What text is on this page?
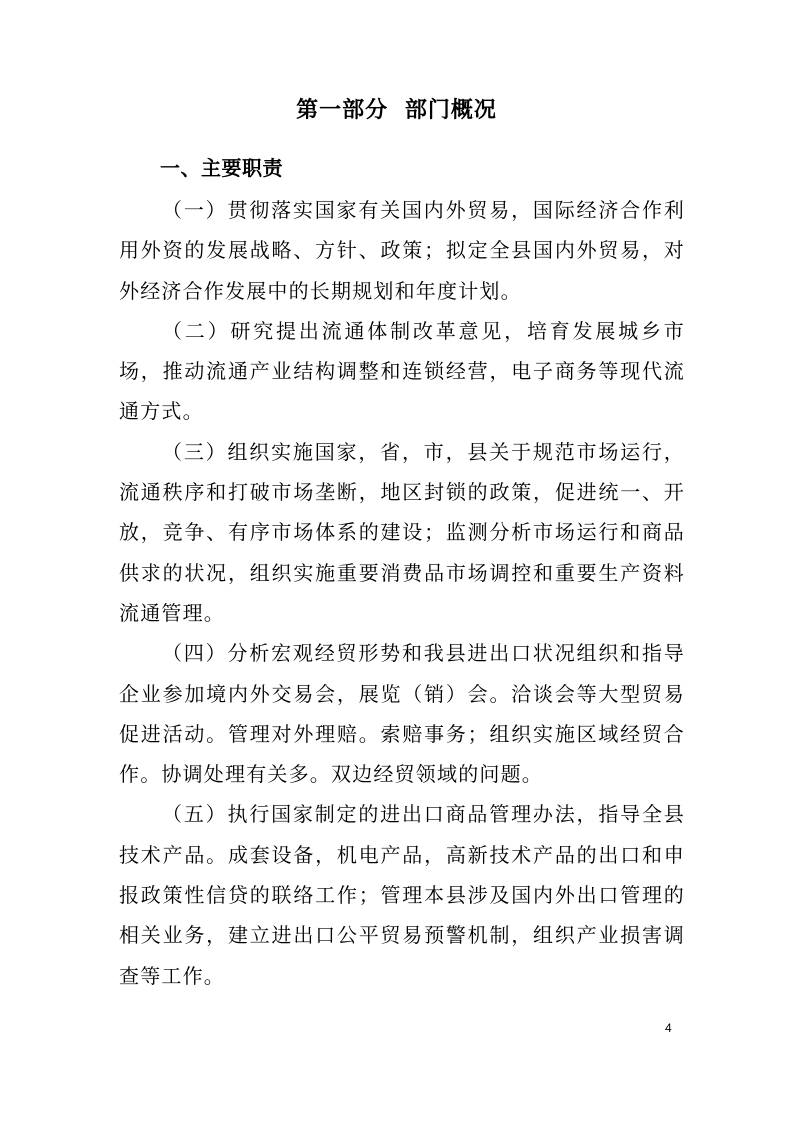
第一部分 部门概况
一、主要职责

（一）贯彻落实国家有关国内外贸易，国际经济合作利用外资的发展战略、方针、政策；拟定全县国内外贸易，对外经济合作发展中的长期规划和年度计划。

（二）研究提出流通体制改革意见，培育发展城乡市场，推动流通产业结构调整和连锁经营，电子商务等现代流通方式。

（三）组织实施国家，省，市，县关于规范市场运行，流通秩序和打破市场垄断，地区封锁的政策，促进统一、开放，竞争、有序市场体系的建设；监测分析市场运行和商品供求的状况，组织实施重要消费品市场调控和重要生产资料流通管理。

（四）分析宏观经贸形势和我县进出口状况组织和指导企业参加境内外交易会，展览（销）会。洽谈会等大型贸易促进活动。管理对外理赔。索赔事务；组织实施区域经贸合作。协调处理有关多。双边经贸领域的问题。

（五）执行国家制定的进出口商品管理办法，指导全县技术产品。成套设备，机电产品，高新技术产品的出口和申报政策性信贷的联络工作；管理本县涉及国内外出口管理的相关业务，建立进出口公平贸易预警机制，组织产业损害调查等工作。

4
